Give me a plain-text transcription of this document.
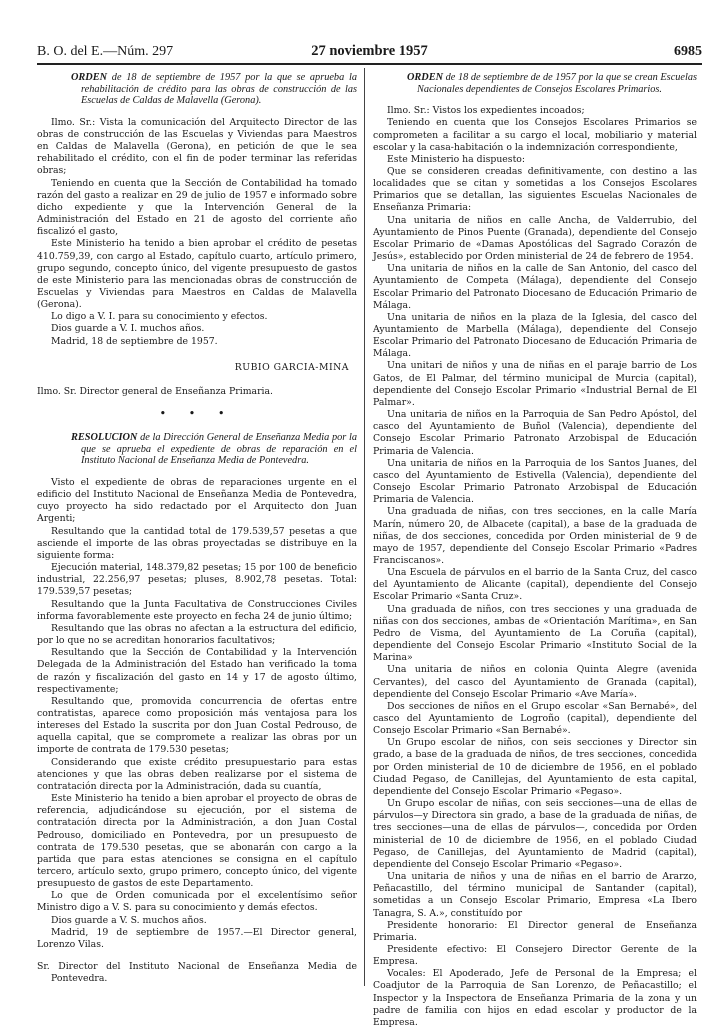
B. O. del E.—Núm. 297	27 noviembre 1957	6985
ORDEN de 18 de septiembre de 1957 por la que se aprueba la rehabilitación de crédito para las obras de construcción de las Escuelas de Caldas de Malavella (Gerona).

Ilmo. Sr.: Vista la comunicación del Arquitecto Director de las obras de construcción de las Escuelas y Viviendas para Maestros en Caldas de Malavella (Gerona), en petición de que le sea rehabilitado el crédito, con el fin de poder terminar las referidas obras;

Teniendo en cuenta que la Sección de Contabilidad ha tomado razón del gasto a realizar en 29 de julio de 1957 e informado sobre dicho expediente y que la Intervención General de la Administración del Estado en 21 de agosto del corriente año fiscalizó el gasto,

Este Ministerio ha tenido a bien aprobar el crédito de pesetas 410.759,39, con cargo al Estado, capítulo cuarto, artículo primero, grupo segundo, concepto único, del vigente presupuesto de gastos de este Ministerio para las mencionadas obras de construcción de Escuelas y Viviendas para Maestros en Caldas de Malavella (Gerona).

Lo digo a V. I. para su conocimiento y efectos.

Dios guarde a V. I. muchos años.

Madrid, 18 de septiembre de 1957.

RUBIO GARCIA-MINA

Ilmo. Sr. Director general de Enseñanza Primaria.

• • •
RESOLUCION de la Dirección General de Enseñanza Media por la que se aprueba el expediente de obras de reparación en el Instituto Nacional de Enseñanza Media de Pontevedra.

Visto el expediente de obras de reparaciones urgente en el edificio del Instituto Nacional de Enseñanza Media de Pontevedra, cuyo proyecto ha sido redactado por el Arquitecto don Juan Argenti;

Resultando que la cantidad total de 179.539,57 pesetas a que asciende el importe de las obras proyectadas se distribuye en la siguiente forma:

Ejecución material, 148.379,82 pesetas; 15 por 100 de beneficio industrial, 22.256,97 pesetas; pluses, 8.902,78 pesetas. Total: 179.539,57 pesetas;

Resultando que la Junta Facultativa de Construcciones Civiles informa favorablemente este proyecto en fecha 24 de junio último;

Resultando que las obras no afectan a la estructura del edificio, por lo que no se acreditan honorarios facultativos;

Resultando que la Sección de Contabilidad y la Intervención Delegada de la Administración del Estado han verificado la toma de razón y fiscalización del gasto en 14 y 17 de agosto último, respectivamente;

Resultando que, promovida concurrencia de ofertas entre contratistas, aparece como proposición más ventajosa para los intereses del Estado la suscrita por don Juan Costal Pedrouso, de aquella capital, que se compromete a realizar las obras por un importe de contrata de 179.530 pesetas;

Considerando que existe crédito presupuestario para estas atenciones y que las obras deben realizarse por el sistema de contratación directa por la Administración, dada su cuantía,

Este Ministerio ha tenido a bien aprobar el proyecto de obras de referencia, adjudicándose su ejecución, por el sistema de contratación directa por la Administración, a don Juan Costal Pedrouso, domiciliado en Pontevedra, por un presupuesto de contrata de 179.530 pesetas, que se abonarán con cargo a la partida que para estas atenciones se consigna en el capítulo tercero, artículo sexto, grupo primero, concepto único, del vigente presupuesto de gastos de este Departamento.

Lo que de Orden comunicada por el excelentísimo señor Ministro digo a V. S. para su conocimiento y demás efectos.

Dios guarde a V. S. muchos años.

Madrid, 19 de septiembre de 1957.—El Director general, Lorenzo Vilas.

Sr. Director del Instituto Nacional de Enseñanza Media de Pontevedra.

ORDEN de 18 de septiembre de de 1957 por la que se crean Escuelas Nacionales dependientes de Consejos Escolares Primarios.

Ilmo. Sr.: Vistos los expedientes incoados;

Teniendo en cuenta que los Consejos Escolares Primarios se comprometen a facilitar a su cargo el local, mobiliario y material escolar y la casa-habitación o la indemnización correspondiente,

Este Ministerio ha dispuesto:

Que se consideren creadas definitivamente, con destino a las localidades que se citan y sometidas a los Consejos Escolares Primarios que se detallan, las siguientes Escuelas Nacionales de Enseñanza Primaria:

Una unitaria de niños en calle Ancha, de Valderrubio, del Ayuntamiento de Pinos Puente (Granada), dependiente del Consejo Escolar Primario de «Damas Apostólicas del Sagrado Corazón de Jesús», establecido por Orden ministerial de 24 de febrero de 1954.

Una unitaria de niños en la calle de San Antonio, del casco del Ayuntamiento de Competa (Málaga), dependiente del Consejo Escolar Primario del Patronato Diocesano de Educación Primario de Málaga.

Una unitaria de niños en la plaza de la Iglesia, del casco del Ayuntamiento de Marbella (Málaga), dependiente del Consejo Escolar Primario del Patronato Diocesano de Educación Primaria de Málaga.

Una unitari de niños y una de niñas en el paraje barrio de Los Gatos, de El Palmar, del término municipal de Murcia (capital), dependiente del Consejo Escolar Primario «Industrial Bernal de El Palmar».

Una unitaria de niños en la Parroquia de San Pedro Apóstol, del casco del Ayuntamiento de Buñol (Valencia), dependiente del Consejo Escolar Primario Patronato Arzobispal de Educación Primaria de Valencia.

Una unitaria de niños en la Parroquia de los Santos Juanes, del casco del Ayuntamiento de Estivella (Valencia), dependiente del Consejo Escolar Primario Patronato Arzobispal de Educación Primaria de Valencia.

Una graduada de niñas, con tres secciones, en la calle María Marín, número 20, de Albacete (capital), a base de la graduada de niñas, de dos secciones, concedida por Orden ministerial de 9 de mayo de 1957, dependiente del Consejo Escolar Primario «Padres Franciscanos».

Una Escuela de párvulos en el barrio de la Santa Cruz, del casco del Ayuntamiento de Alicante (capital), dependiente del Consejo Escolar Primario «Santa Cruz».

Una graduada de niños, con tres secciones y una graduada de niñas con dos secciones, ambas de «Orientación Marítima», en San Pedro de Visma, del Ayuntamiento de La Coruña (capital), dependiente del Consejo Escolar Primario «Instituto Social de la Marina»

Una unitaria de niños en colonia Quinta Alegre (avenida Cervantes), del casco del Ayuntamiento de Granada (capital), dependiente del Consejo Escolar Primario «Ave María».

Dos secciones de niños en el Grupo escolar «San Bernabé», del casco del Ayuntamiento de Logroño (capital), dependiente del Consejo Escolar Primario «San Bernabé».

Un Grupo escolar de niños, con seis secciones y Director sin grado, a base de la graduada de niños, de tres secciones, concedida por Orden ministerial de 10 de diciembre de 1956, en el poblado Ciudad Pegaso, de Canillejas, del Ayuntamiento de esta capital, dependiente del Consejo Escolar Primario «Pegaso».

Un Grupo escolar de niñas, con seis secciones—una de ellas de párvulos—y Directora sin grado, a base de la graduada de niñas, de tres secciones—una de ellas de párvulos—, concedida por Orden ministerial de 10 de diciembre de 1956, en el poblado Ciudad Pegaso, de Canillejas, del Ayuntamiento de Madrid (capital), dependiente del Consejo Escolar Primario «Pegaso».

Una unitaria de niños y una de niñas en el barrio de Ararzo, Peñacastillo, del término municipal de Santander (capital), sometidas a un Consejo Escolar Primario, Empresa «La Ibero Tanagra, S. A.», constituído por

Presidente honorario: El Director general de Enseñanza Primaria.

Presidente efectivo: El Consejero Director Gerente de la Empresa.

Vocales: El Apoderado, Jefe de Personal de la Empresa; el Coadjutor de la Parroquia de San Lorenzo, de Peñacastillo; el Inspector y la Inspectora de Enseñanza Primaria de la zona y un padre de familia con hijos en edad escolar y productor de la Empresa.
